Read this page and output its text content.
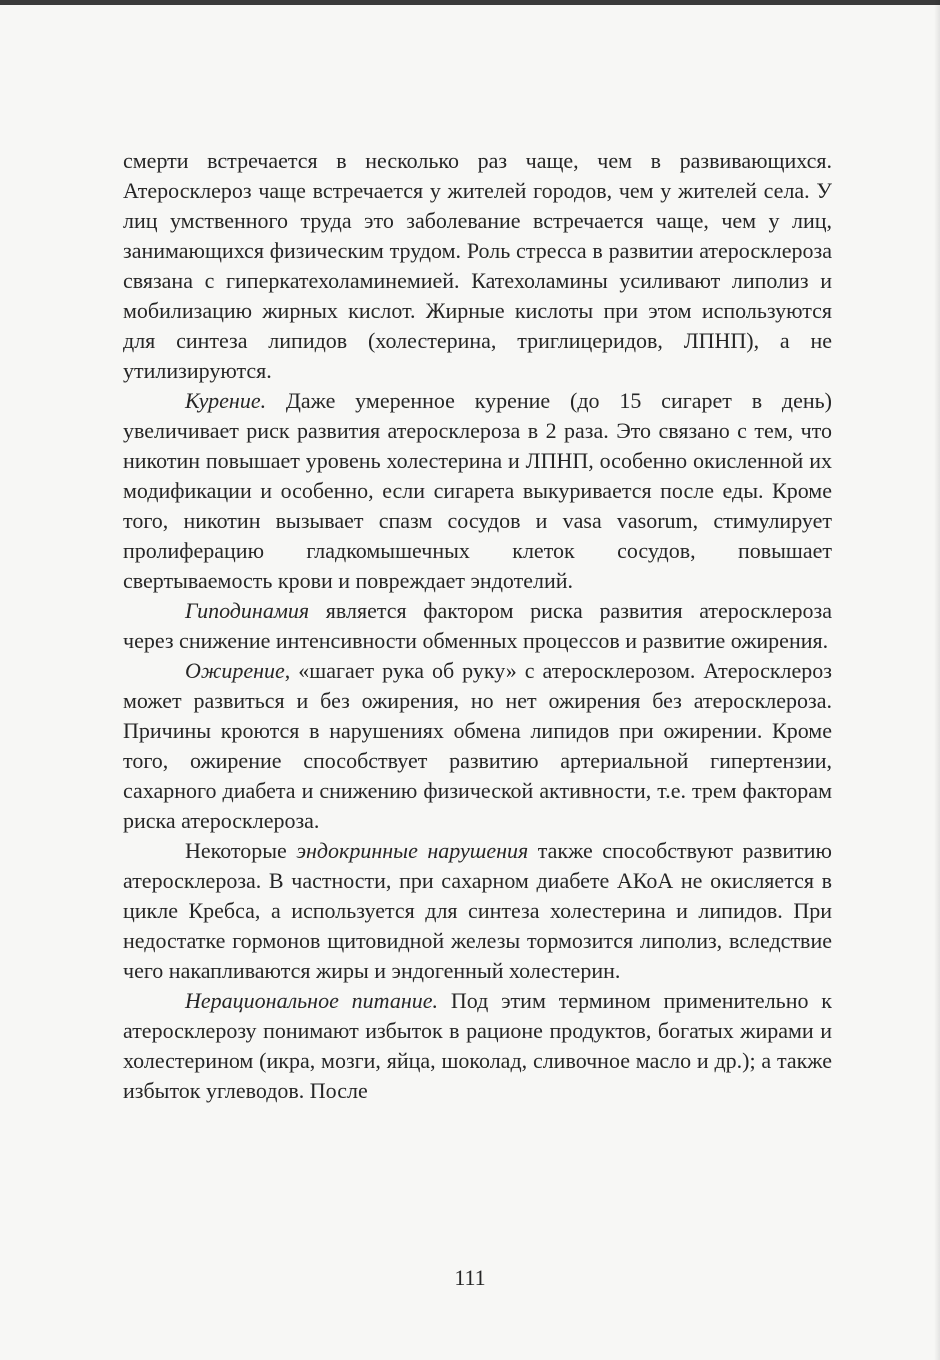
смерти встречается в несколько раз чаще, чем в развивающихся. Атеросклероз чаще встречается у жителей городов, чем у жителей села. У лиц умственного труда это заболевание встречается чаще, чем у лиц, занимающихся физическим трудом. Роль стресса в развитии атеросклероза связана с гиперкатехоламинемией. Катехоламины усиливают липолиз и мобилизацию жирных кислот. Жирные кислоты при этом используются для синтеза липидов (холестерина, триглицеридов, ЛПНП), а не утилизируются.

Курение. Даже умеренное курение (до 15 сигарет в день) увеличивает риск развития атеросклероза в 2 раза. Это связано с тем, что никотин повышает уровень холестерина и ЛПНП, особенно окисленной их модификации и особенно, если сигарета выкуривается после еды. Кроме того, никотин вызывает спазм сосудов и vasa vasorum, стимулирует пролиферацию гладкомышечных клеток сосудов, повышает свертываемость крови и повреждает эндотелий.

Гиподинамия является фактором риска развития атеросклероза через снижение интенсивности обменных процессов и развитие ожирения.

Ожирение, «шагает рука об руку» с атеросклерозом. Атеросклероз может развиться и без ожирения, но нет ожирения без атеросклероза. Причины кроются в нарушениях обмена липидов при ожирении. Кроме того, ожирение способствует развитию артериальной гипертензии, сахарного диабета и снижению физической активности, т.е. трем факторам риска атеросклероза.

Некоторые эндокринные нарушения также способствуют развитию атеросклероза. В частности, при сахарном диабете АКоА не окисляется в цикле Кребса, а используется для синтеза холестерина и липидов. При недостатке гормонов щитовидной железы тормозится липолиз, вследствие чего накапливаются жиры и эндогенный холестерин.

Нерациональное питание. Под этим термином применительно к атеросклерозу понимают избыток в рационе продуктов, богатых жирами и холестерином (икра, мозги, яйца, шоколад, сливочное масло и др.); а также избыток углеводов. После

111
